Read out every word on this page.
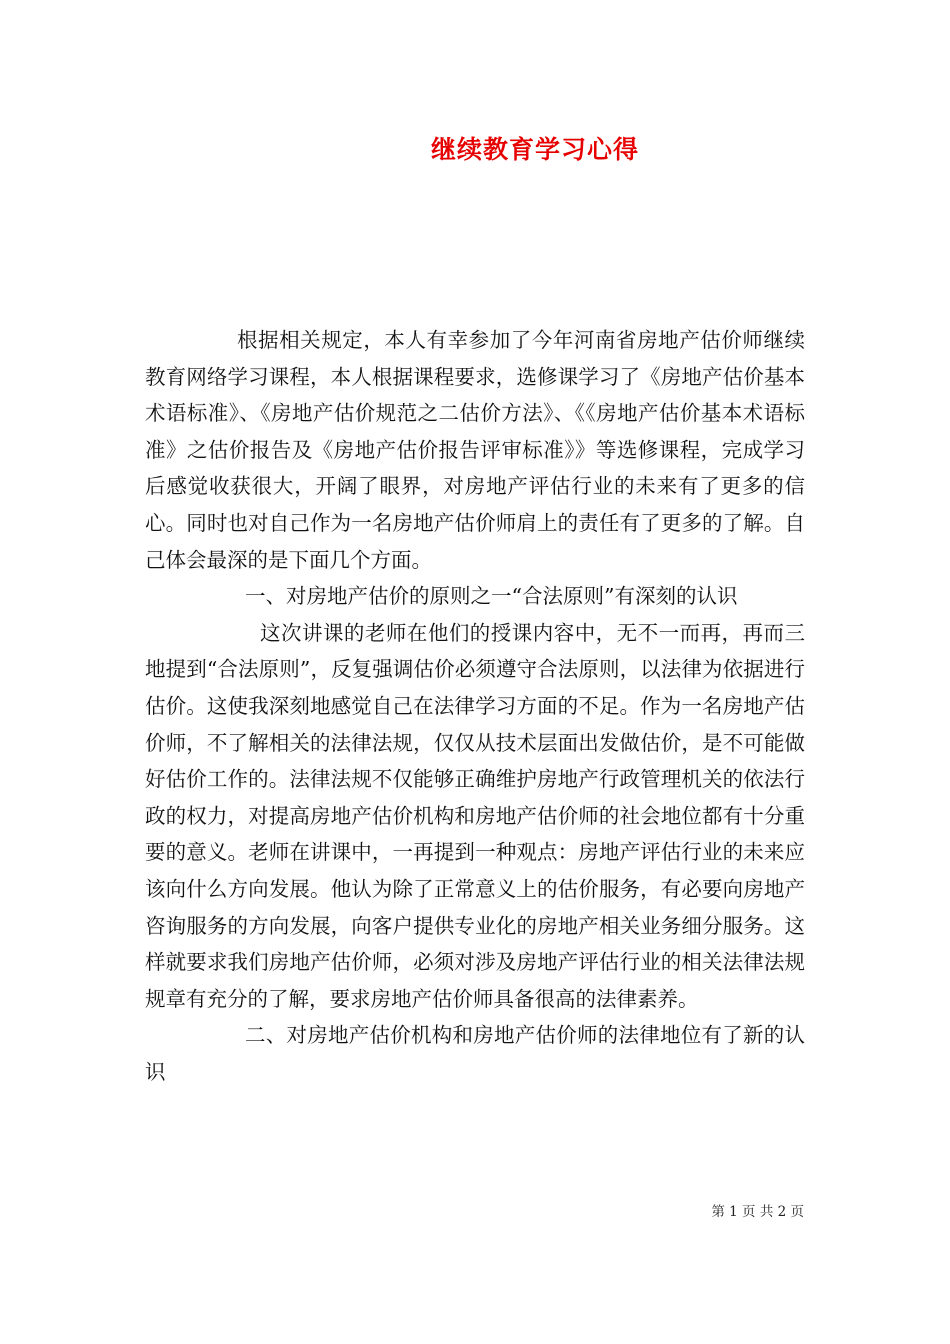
继续教育学习心得

根据相关规定，本人有幸参加了今年河南省房地产估价师继续教育网络学习课程，本人根据课程要求，选修课学习了《房地产估价基本术语标准》、《房地产估价规范之二估价方法》、《《房地产估价基本术语标准》之估价报告及《房地产估价报告评审标准》》等选修课程，完成学习后感觉收获很大，开阔了眼界，对房地产评估行业的未来有了更多的信心。同时也对自己作为一名房地产估价师肩上的责任有了更多的了解。自己体会最深的是下面几个方面。

一、对房地产估价的原则之一“合法原则”有深刻的认识

这次讲课的老师在他们的授课内容中，无不一而再，再而三地提到“合法原则”，反复强调估价必须遵守合法原则，以法律为依据进行估价。这使我深刻地感觉自己在法律学习方面的不足。作为一名房地产估价师，不了解相关的法律法规，仅仅从技术层面出发做估价，是不可能做好估价工作的。法律法规不仅能够正确维护房地产行政管理机关的依法行政的权力，对提高房地产估价机构和房地产估价师的社会地位都有十分重要的意义。老师在讲课中，一再提到一种观点：房地产评估行业的未来应该向什么方向发展。他认为除了正常意义上的估价服务，有必要向房地产咨询服务的方向发展，向客户提供专业化的房地产相关业务细分服务。这样就要求我们房地产估价师，必须对涉及房地产评估行业的相关法律法规规章有充分的了解，要求房地产估价师具备很高的法律素养。

二、对房地产估价机构和房地产估价师的法律地位有了新的认识

第 1 页 共 2 页
